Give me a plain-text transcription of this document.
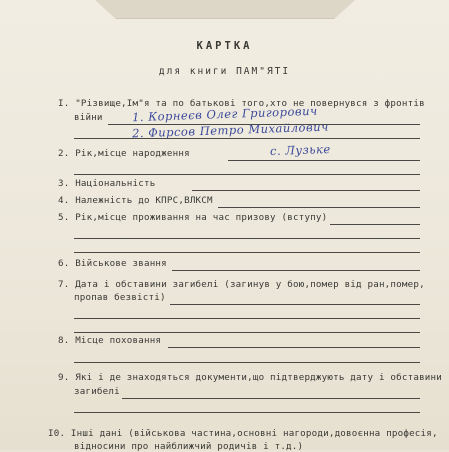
КАРТКА
для книги ПАМ"ЯТІ
І. "Різвище,Ім"я та по батькові того,хто не повернувся з фронтів
війни	1. Корнеєв Олег Григорович
2. Фирсов Петро Михайлович
2. Рік,місце народження	с. Лузьке
3. Національність
4. Належність до КПРС,ВЛКСМ
5. Рік,місце проживання на час призову (вступу)
6. Військове звання
7. Дата і обставини загибелі (загинув у бою,помер від ран,помер,
пропав безвісті)
8. Місце поховання
9. Які і де знаходяться документи,що підтверджують дату і обставини
загибелі
І0. Інші дані (військова частина,основні нагороди,довоєнна професія,
відносини про найближчий родичів і т.д.)
